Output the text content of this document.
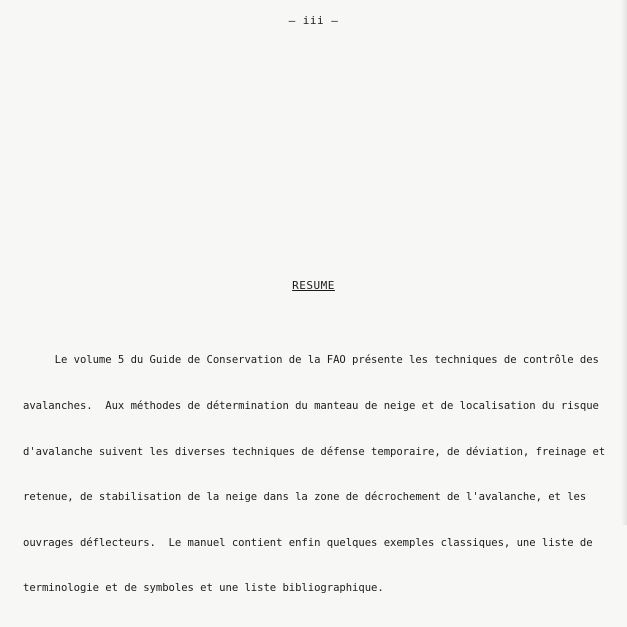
– iii –
RESUME

Le volume 5 du Guide de Conservation de la FAO présente les techniques de contrôle des

avalanches.  Aux méthodes de détermination du manteau de neige et de localisation du risque

d'avalanche suivent les diverses techniques de défense temporaire, de déviation, freinage et

retenue, de stabilisation de la neige dans la zone de décrochement de l'avalanche, et les

ouvrages déflecteurs.  Le manuel contient enfin quelques exemples classiques, une liste de

terminologie et de symboles et une liste bibliographique.
